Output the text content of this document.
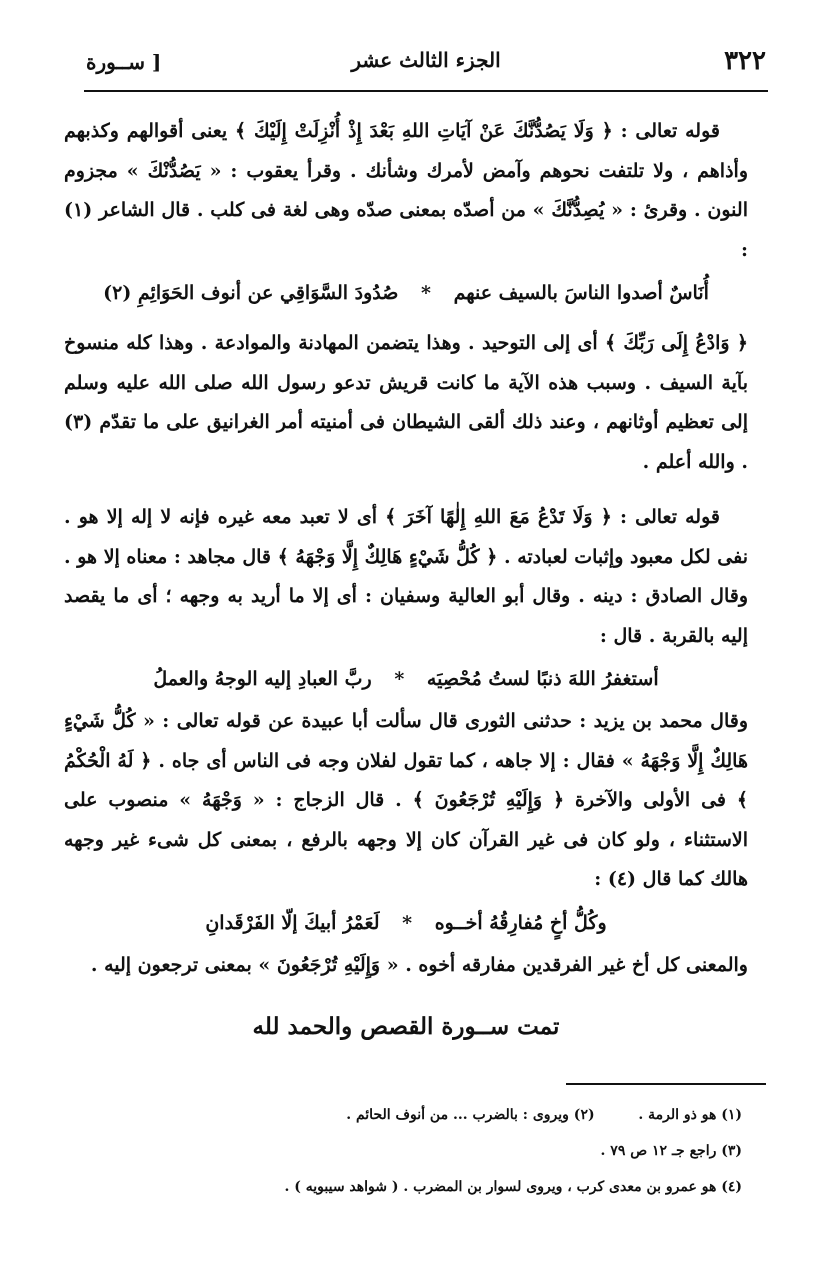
٣٢٢
الجزء الثالث عشر
[ ســورة

قوله تعالى : ﴿ وَلَا يَصُدُّنَّكَ عَنْ آيَاتِ اللهِ بَعْدَ إِذْ أُنْزِلَتْ إِلَيْكَ ﴾ يعنى أقوالهم وكذبهم وأذاهم ، ولا تلتفت نحوهم وآمض لأمرك وشأنك . وقرأ يعقوب : « يَصُدُّنْكَ » مجزوم النون . وقرئ : « يُصِدُّنَّكَ » من أصدّه بمعنى صدّه وهى لغة فى كلب . قال الشاعر (١) :

أُنَاسٌ أصدوا الناسَ بالسيف عنهم * صُدُودَ السَّوَاقِي عن أنوف الحَوَائِمِ (٢)

﴿ وَادْعُ إِلَى رَبِّكَ ﴾ أى إلى التوحيد . وهذا يتضمن المهادنة والموادعة . وهذا كله منسوخ بآية السيف . وسبب هذه الآية ما كانت قريش تدعو رسول الله صلى الله عليه وسلم إلى تعظيم أوثانهم ، وعند ذلك ألقى الشيطان فى أمنيته أمر الغرانيق على ما تقدّم (٣) . والله أعلم .

قوله تعالى : ﴿ وَلَا تَدْعُ مَعَ اللهِ إِلٰهًا آخَرَ ﴾ أى لا تعبد معه غيره فإنه لا إله إلا هو . نفى لكل معبود وإثبات لعبادته . ﴿ كُلُّ شَيْءٍ هَالِكٌ إِلَّا وَجْهَهُ ﴾ قال مجاهد : معناه إلا هو . وقال الصادق : دينه . وقال أبو العالية وسفيان : أى إلا ما أريد به وجهه ؛ أى ما يقصد إليه بالقربة . قال :

أستغفرُ اللهَ ذنبًا لستُ مُحْصِيَه * ربَّ العبادِ إليه الوجهُ والعملُ

وقال محمد بن يزيد : حدثنى الثورى قال سألت أبا عبيدة عن قوله تعالى : « كُلُّ شَيْءٍ هَالِكٌ إِلَّا وَجْهَهُ » فقال : إلا جاهه ، كما تقول لفلان وجه فى الناس أى جاه . ﴿ لَهُ الْحُكْمُ ﴾ فى الأولى والآخرة ﴿ وَإِلَيْهِ تُرْجَعُونَ ﴾ . قال الزجاج : « وَجْهَهُ » منصوب على الاستثناء ، ولو كان فى غير القرآن كان إلا وجهه بالرفع ، بمعنى كل شىء غير وجهه هالك كما قال (٤) :

وكُلُّ أخٍ مُفارِقُهُ أخــوه * لَعَمْرُ أبيكَ إلّا الفَرْقَدانِ

والمعنى كل أخ غير الفرقدين مفارقه أخوه . « وَإِلَيْهِ تُرْجَعُونَ » بمعنى ترجعون إليه .

تمت ســورة القصص والحمد لله

(١) هو ذو الرمة .  (٢) ويروى : بالضرب ... من أنوف الحائم .

(٣) راجع جـ ١٢ ص ٧٩ .

(٤) هو عمرو بن معدى كرب ، ويروى لسوار بن المضرب . ( شواهد سيبويه ) .
